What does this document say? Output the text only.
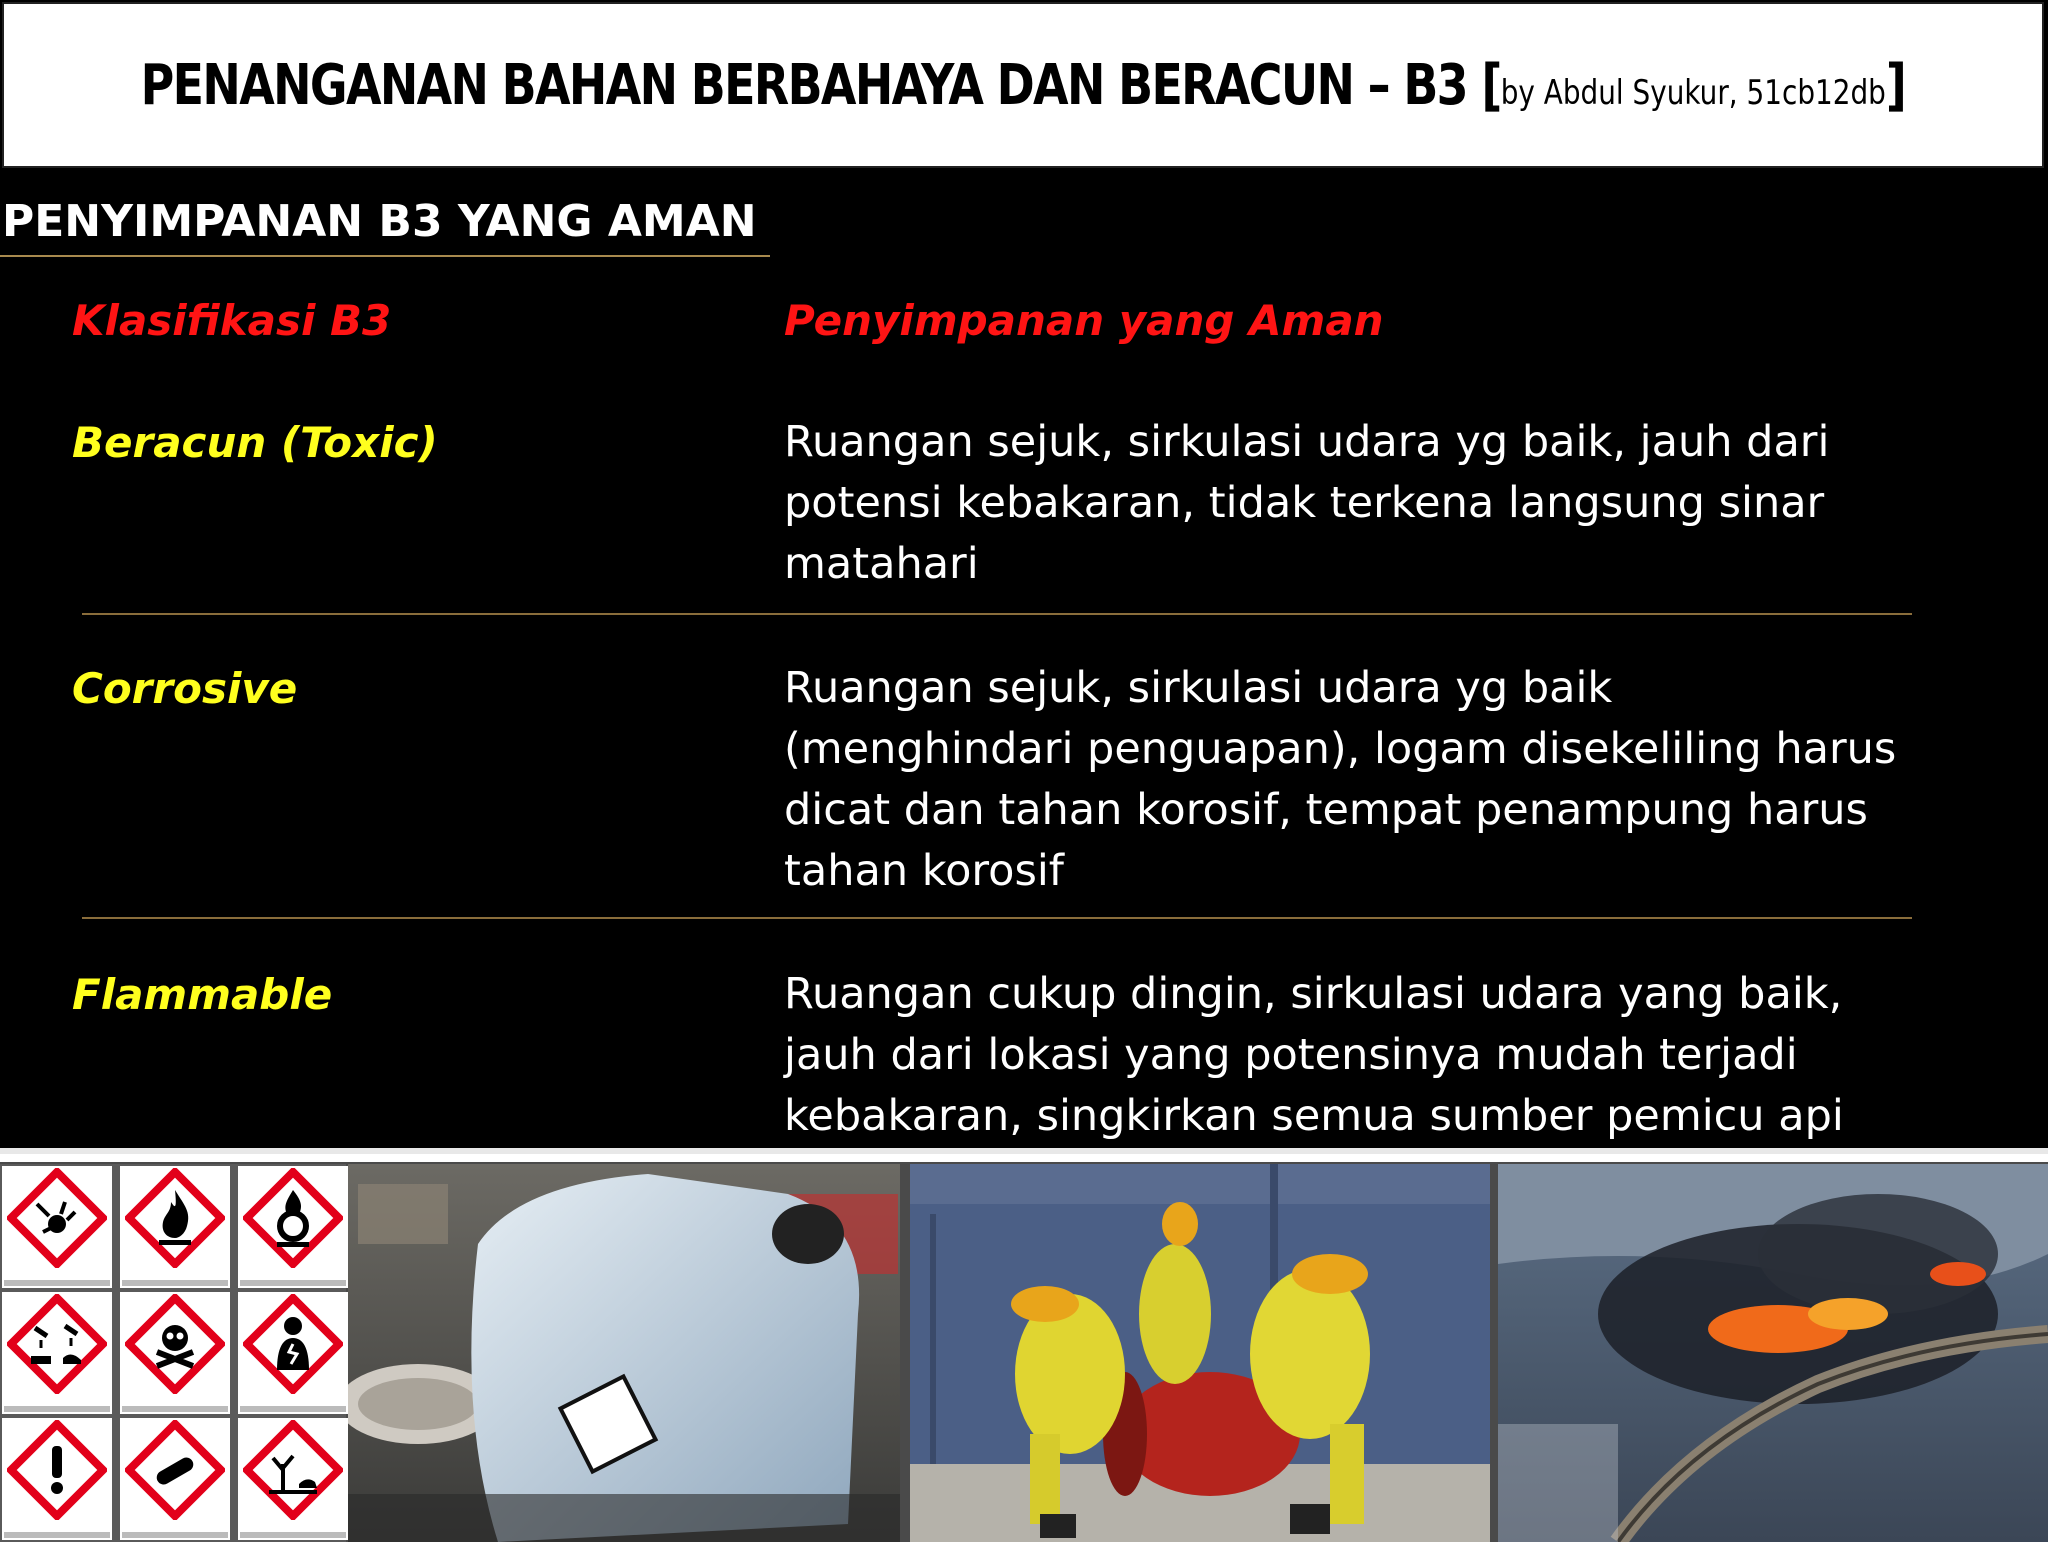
PENANGANAN BAHAN BERBAHAYA DAN BERACUN – B3 [by Abdul Syukur, 51cb12db]
PENYIMPANAN B3 YANG AMAN
Klasifikasi B3	Penyimpanan yang Aman
Beracun (Toxic)	Ruangan sejuk, sirkulasi udara yg baik, jauh dari potensi kebakaran, tidak terkena langsung sinar matahari
Corrosive	Ruangan sejuk, sirkulasi udara yg baik (menghindari penguapan), logam disekeliling harus dicat dan tahan korosif, tempat penampung harus tahan korosif
Flammable	Ruangan cukup dingin, sirkulasi udara yang baik, jauh dari lokasi yang potensinya mudah terjadi kebakaran, singkirkan semua sumber pemicu api
